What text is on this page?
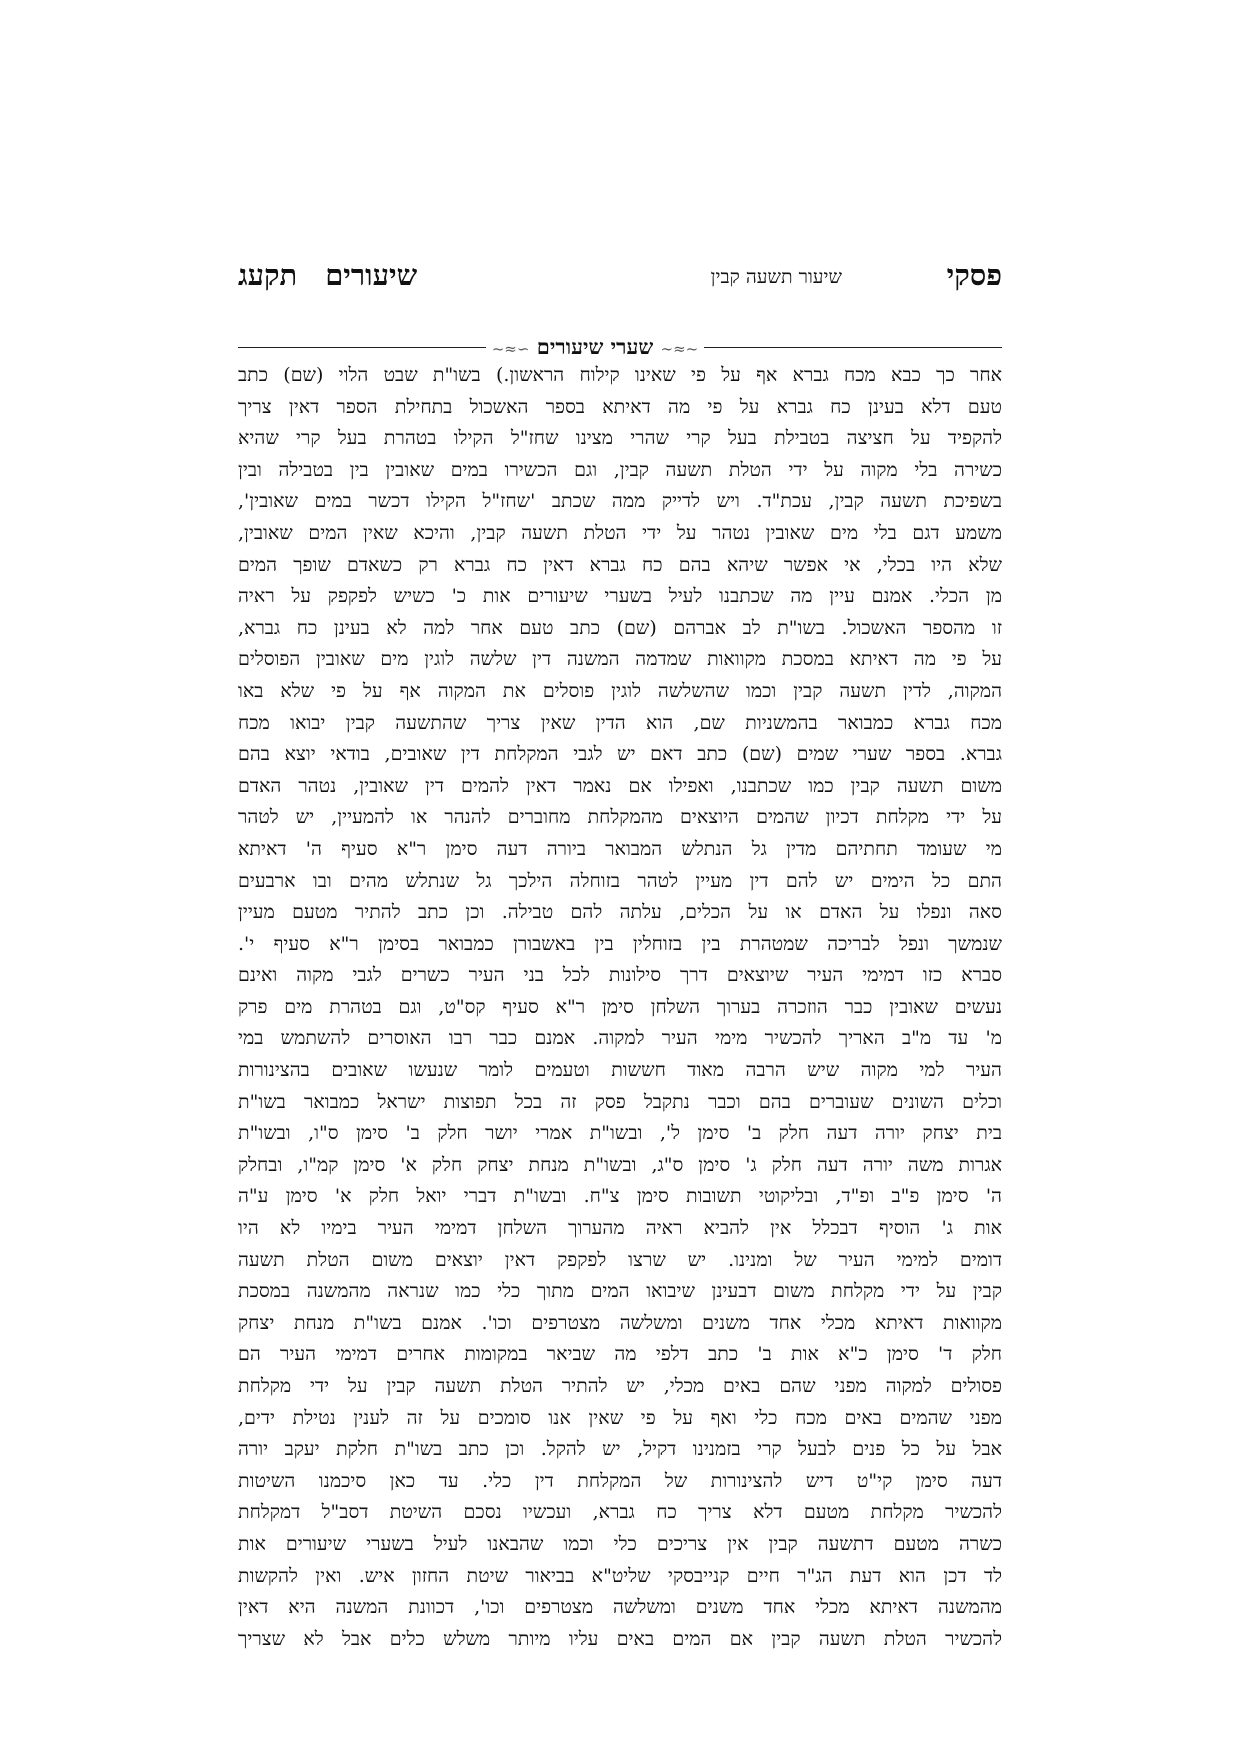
פסקי
שיעור תשעה קבין
שיעוריםתקעג
~≈∽ שערי שיעורים ∼≈~
אחר כך כבא מכח גברא אף על פי שאינו קילוח הראשון.) בשו"ת שבט הלוי (שם) כתב
טעם דלא בעינן כח גברא על פי מה דאיתא בספר האשכול בתחילת הספר דאין צריך
להקפיד על חציצה בטבילת בעל קרי שהרי מצינו שחז"ל הקילו בטהרת בעל קרי שהיא
כשירה בלי מקוה על ידי הטלת תשעה קבין, וגם הכשירו במים שאובין בין בטבילה ובין
בשפיכת תשעה קבין, עכת"ד. ויש לדייק ממה שכתב 'שחז"ל הקילו דכשר במים שאובין',
משמע דגם בלי מים שאובין נטהר על ידי הטלת תשעה קבין, והיכא שאין המים שאובין,
שלא היו בכלי, אי אפשר שיהא בהם כח גברא דאין כח גברא רק כשאדם שופך המים
מן הכלי. אמנם עיין מה שכתבנו לעיל בשערי שיעורים אות כ' כשיש לפקפק על ראיה
זו מהספר האשכול. בשו"ת לב אברהם (שם) כתב טעם אחר למה לא בעינן כח גברא,
על פי מה דאיתא במסכת מקוואות שמדמה המשנה דין שלשה לוגין מים שאובין הפוסלים
המקוה, לדין תשעה קבין וכמו שהשלשה לוגין פוסלים את המקוה אף על פי שלא באו
מכח גברא כמבואר בהמשניות שם, הוא הדין שאין צריך שהתשעה קבין יבואו מכח
גברא. בספר שערי שמים (שם) כתב דאם יש לגבי המקלחת דין שאובים, בודאי יוצא בהם
משום תשעה קבין כמו שכתבנו, ואפילו אם נאמר דאין להמים דין שאובין, נטהר האדם
על ידי מקלחת דכיון שהמים היוצאים מהמקלחת מחוברים להנהר או להמעיין, יש לטהר
מי שעומד תחתיהם מדין גל הנתלש המבואר ביורה דעה סימן ר"א סעיף ה' דאיתא
התם כל הימים יש להם דין מעיין לטהר בזוחלה הילכך גל שנתלש מהים ובו ארבעים
סאה ונפלו על האדם או על הכלים, עלתה להם טבילה. וכן כתב להתיר מטעם מעיין
שנמשך ונפל לבריכה שמטהרת בין בזוחלין בין באשבורן כמבואר בסימן ר"א סעיף י'.
סברא כזו דמימי העיר שיוצאים דרך סילונות לכל בני העיר כשרים לגבי מקוה ואינם
נעשים שאובין כבר הוזכרה בערוך השלחן סימן ר"א סעיף קס"ט, וגם בטהרת מים פרק
מ' עד מ"ב האריך להכשיר מימי העיר למקוה. אמנם כבר רבו האוסרים להשתמש במי
העיר למי מקוה שיש הרבה מאוד חששות וטעמים לומר שנעשו שאובים בהצינורות
וכלים השונים שעוברים בהם וכבר נתקבל פסק זה בכל תפוצות ישראל כמבואר בשו"ת
בית יצחק יורה דעה חלק ב' סימן ל', ובשו"ת אמרי יושר חלק ב' סימן ס"ו, ובשו"ת
אגרות משה יורה דעה חלק ג' סימן ס"ג, ובשו"ת מנחת יצחק חלק א' סימן קמ"ו, ובחלק
ה' סימן פ"ב ופ"ד, ובליקוטי תשובות סימן צ"ח. ובשו"ת דברי יואל חלק א' סימן ע"ה
אות ג' הוסיף דבכלל אין להביא ראיה מהערוך השלחן דמימי העיר בימיו לא היו
דומים למימי העיר של ומנינו. יש שרצו לפקפק דאין יוצאים משום הטלת תשעה
קבין על ידי מקלחת משום דבעינן שיבואו המים מתוך כלי כמו שנראה מהמשנה במסכת
מקוואות דאיתא מכלי אחד משנים ומשלשה מצטרפים וכו'. אמנם בשו"ת מנחת יצחק
חלק ד' סימן כ"א אות ב' כתב דלפי מה שביאר במקומות אחרים דמימי העיר הם
פסולים למקוה מפני שהם באים מכלי, יש להתיר הטלת תשעה קבין על ידי מקלחת
מפני שהמים באים מכח כלי ואף על פי שאין אנו סומכים על זה לענין נטילת ידים,
אבל על כל פנים לבעל קרי בזמנינו דקיל, יש להקל. וכן כתב בשו"ת חלקת יעקב יורה
דעה סימן קי"ט דיש להצינורות של המקלחת דין כלי. עד כאן סיכמנו השיטות
להכשיר מקלחת מטעם דלא צריך כח גברא, ועכשיו נסכם השיטת דסב"ל דמקלחת
כשרה מטעם דתשעה קבין אין צריכים כלי וכמו שהבאנו לעיל בשערי שיעורים אות
לד דכן הוא דעת הג"ר חיים קנייבסקי שליט"א בביאור שיטת החזון איש. ואין להקשות
מהמשנה דאיתא מכלי אחד משנים ומשלשה מצטרפים וכו', דכוונת המשנה היא דאין
להכשיר הטלת תשעה קבין אם המים באים עליו מיותר משלש כלים אבל לא שצריך
